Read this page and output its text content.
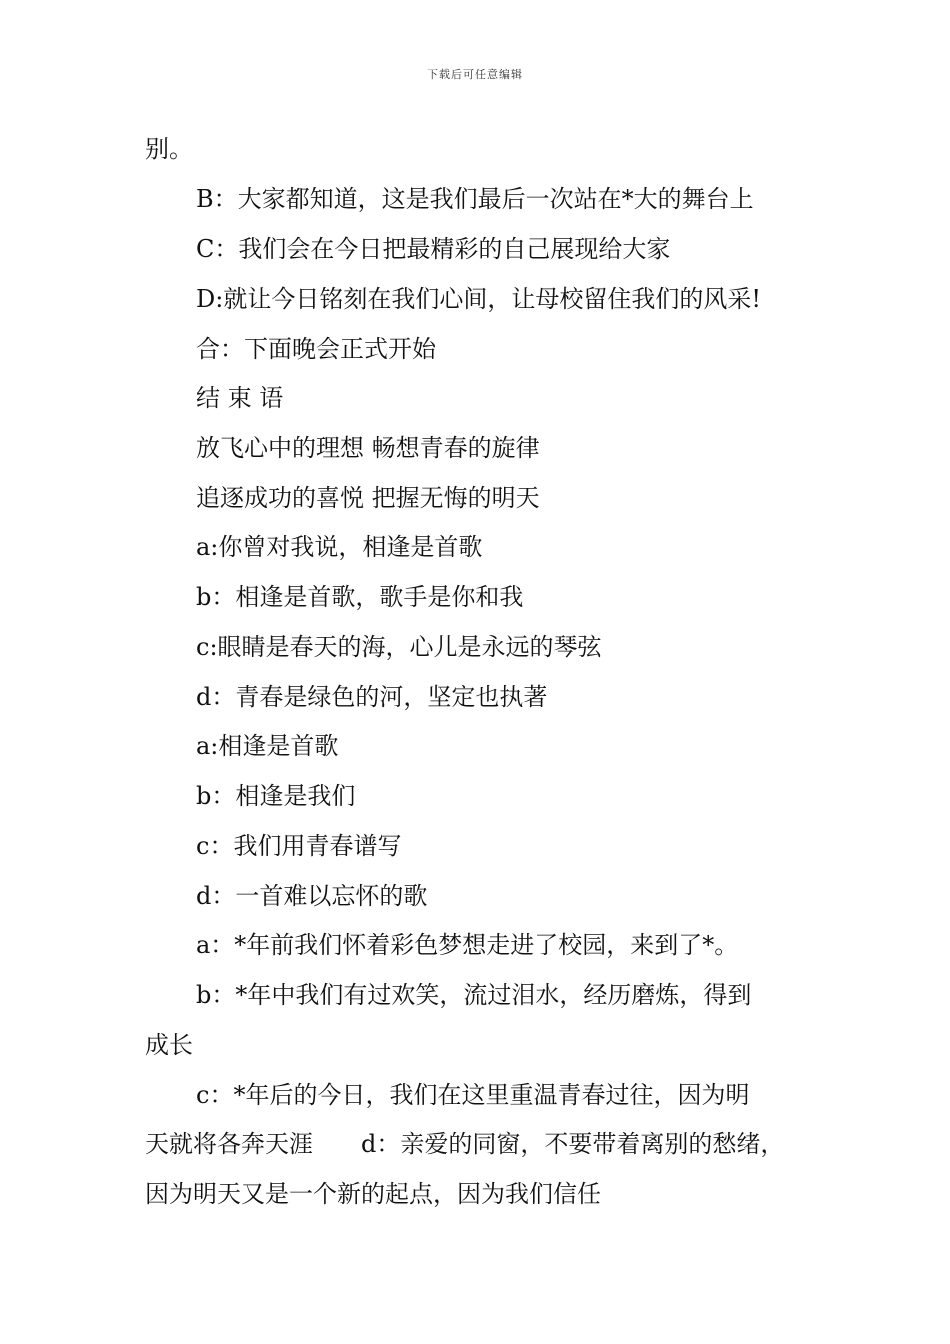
下载后可任意编辑
别。
B：大家都知道，这是我们最后一次站在*大的舞台上
C：我们会在今日把最精彩的自己展现给大家
D:就让今日铭刻在我们心间，让母校留住我们的风采!
合：下面晚会正式开始
结 束 语
放飞心中的理想 畅想青春的旋律
追逐成功的喜悦 把握无悔的明天
a:你曾对我说，相逢是首歌
b：相逢是首歌，歌手是你和我
c:眼睛是春天的海，心儿是永远的琴弦
d：青春是绿色的河，坚定也执著
a:相逢是首歌
b：相逢是我们
c：我们用青春谱写
d：一首难以忘怀的歌
a：*年前我们怀着彩色梦想走进了校园，来到了*。
b：*年中我们有过欢笑，流过泪水，经历磨炼，得到
成长
c：*年后的今日，我们在这里重温青春过往，因为明
天就将各奔天涯　　d：亲爱的同窗，不要带着离别的愁绪，
因为明天又是一个新的起点，因为我们信任
